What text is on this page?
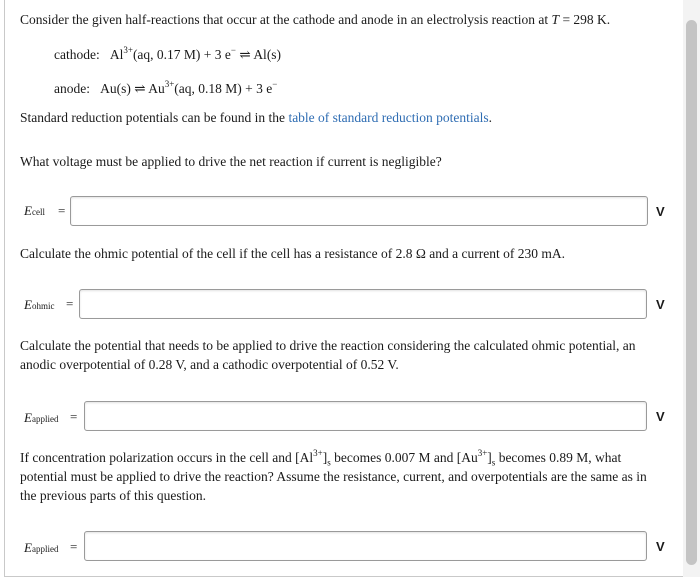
Consider the given half-reactions that occur at the cathode and anode in an electrolysis reaction at T = 298 K.
cathode: $Al^{3+}(aq$, 0.17 M) + 3 e− ⇌ Al(s)
anode: Au(s) ⇌ $Au^{3+}(aq$, 0.18 M) + 3 e−
Standard reduction potentials can be found in the table of standard reduction potentials.
What voltage must be applied to drive the net reaction if current is negligible?
Ecell =	V
Calculate the ohmic potential of the cell if the cell has a resistance of 2.8 Ω and a current of 230 mA.
Eohmic =	V
Calculate the potential that needs to be applied to drive the reaction considering the calculated ohmic potential, an anodic overpotential of 0.28 V, and a cathodic overpotential of 0.52 V.
Eapplied =	V
If concentration polarization occurs in the cell and $[Al^{3+}]_s$ becomes 0.007 M and $[Au^{3+}]_s$ becomes 0.89 M, what potential must be applied to drive the reaction? Assume the resistance, current, and overpotentials are the same as in the previous parts of this question.
Eapplied =	V
